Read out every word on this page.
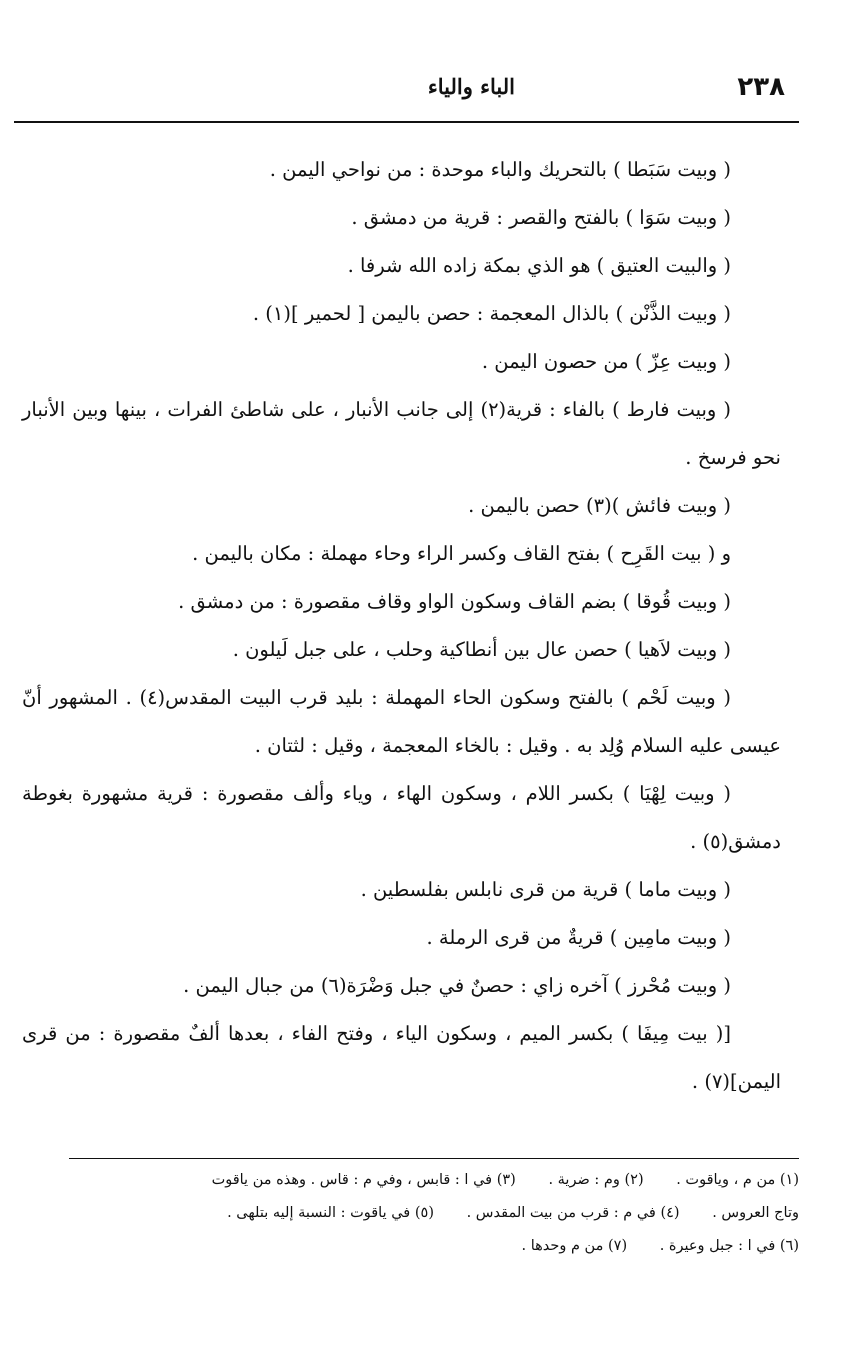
٢٣٨
الباء والياء

( وبيت سَبَطا ) بالتحريك والباء موحدة : من نواحي اليمن .

( وبيت سَوَا ) بالفتح والقصر : قرية من دمشق .

( والبيت العتيق ) هو الذي بمكة زاده الله شرفا .

( وبيت الذَّنْن ) بالذال المعجمة : حصن باليمن [ لحمير ](١) .

( وبيت عِزّ ) من حصون اليمن .

( وبيت فارط ) بالفاء : قرية(٢) إلى جانب الأنبار ، على شاطئ الفرات ، بينها وبين الأنبار نحو فرسخ .

( وبيت فائش )(٣) حصن باليمن .

و ( بيت القَرِح ) بفتح القاف وكسر الراء وحاء مهملة : مكان باليمن .

( وبيت قُوقا ) بضم القاف وسكون الواو وقاف مقصورة : من دمشق .

( وبيت لاَهيا ) حصن عال بين أنطاكية وحلب ، على جبل لَيلون .

( وبيت لَحْم ) بالفتح وسكون الحاء المهملة : بليد قرب البيت المقدس(٤) . المشهور أنّ عيسى عليه السلام وُلِد به . وقيل : بالخاء المعجمة ، وقيل : لثتان .

( وبيت لِهْيَا ) بكسر اللام ، وسكون الهاء ، وياء وألف مقصورة : قرية مشهورة بغوطة دمشق(٥) .

( وبيت ماما ) قرية من قرى نابلس بفلسطين .

( وبيت مامِين ) قريةٌ من قرى الرملة .

( وبيت مُحْرز ) آخره زاي : حصنٌ في جبل وَضْرَة(٦) من جبال اليمن .

[( بيت مِيفَا ) بكسر الميم ، وسكون الياء ، وفتح الفاء ، بعدها ألفٌ مقصورة : من قرى اليمن](٧) .

(١) من م ، وياقوت . (٢) وم : ضرية . (٣) في ا : قابس ، وفي م : قاس . وهذه من ياقوت
وتاج العروس . (٤) في م : قرب من بيت المقدس . (٥) في ياقوت : النسبة إليه بتلهى .
(٦) في ا : جبل وعيرة . (٧) من م وحدها .
